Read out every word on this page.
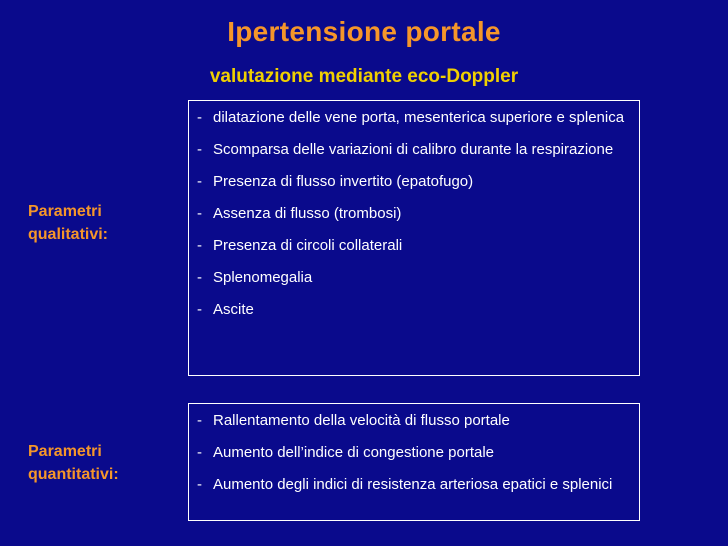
Ipertensione portale
valutazione mediante eco-Doppler
Parametri
qualitativi:
- dilatazione delle vene porta, mesenterica superiore e splenica
- Scomparsa delle variazioni di calibro durante la respirazione
- Presenza di flusso invertito (epatofugo)
- Assenza di flusso (trombosi)
- Presenza di circoli collaterali
- Splenomegalia
- Ascite
Parametri
quantitativi:
- Rallentamento della velocità di flusso portale
- Aumento dell’indice di congestione portale
- Aumento degli indici di resistenza arteriosa epatici e splenici
